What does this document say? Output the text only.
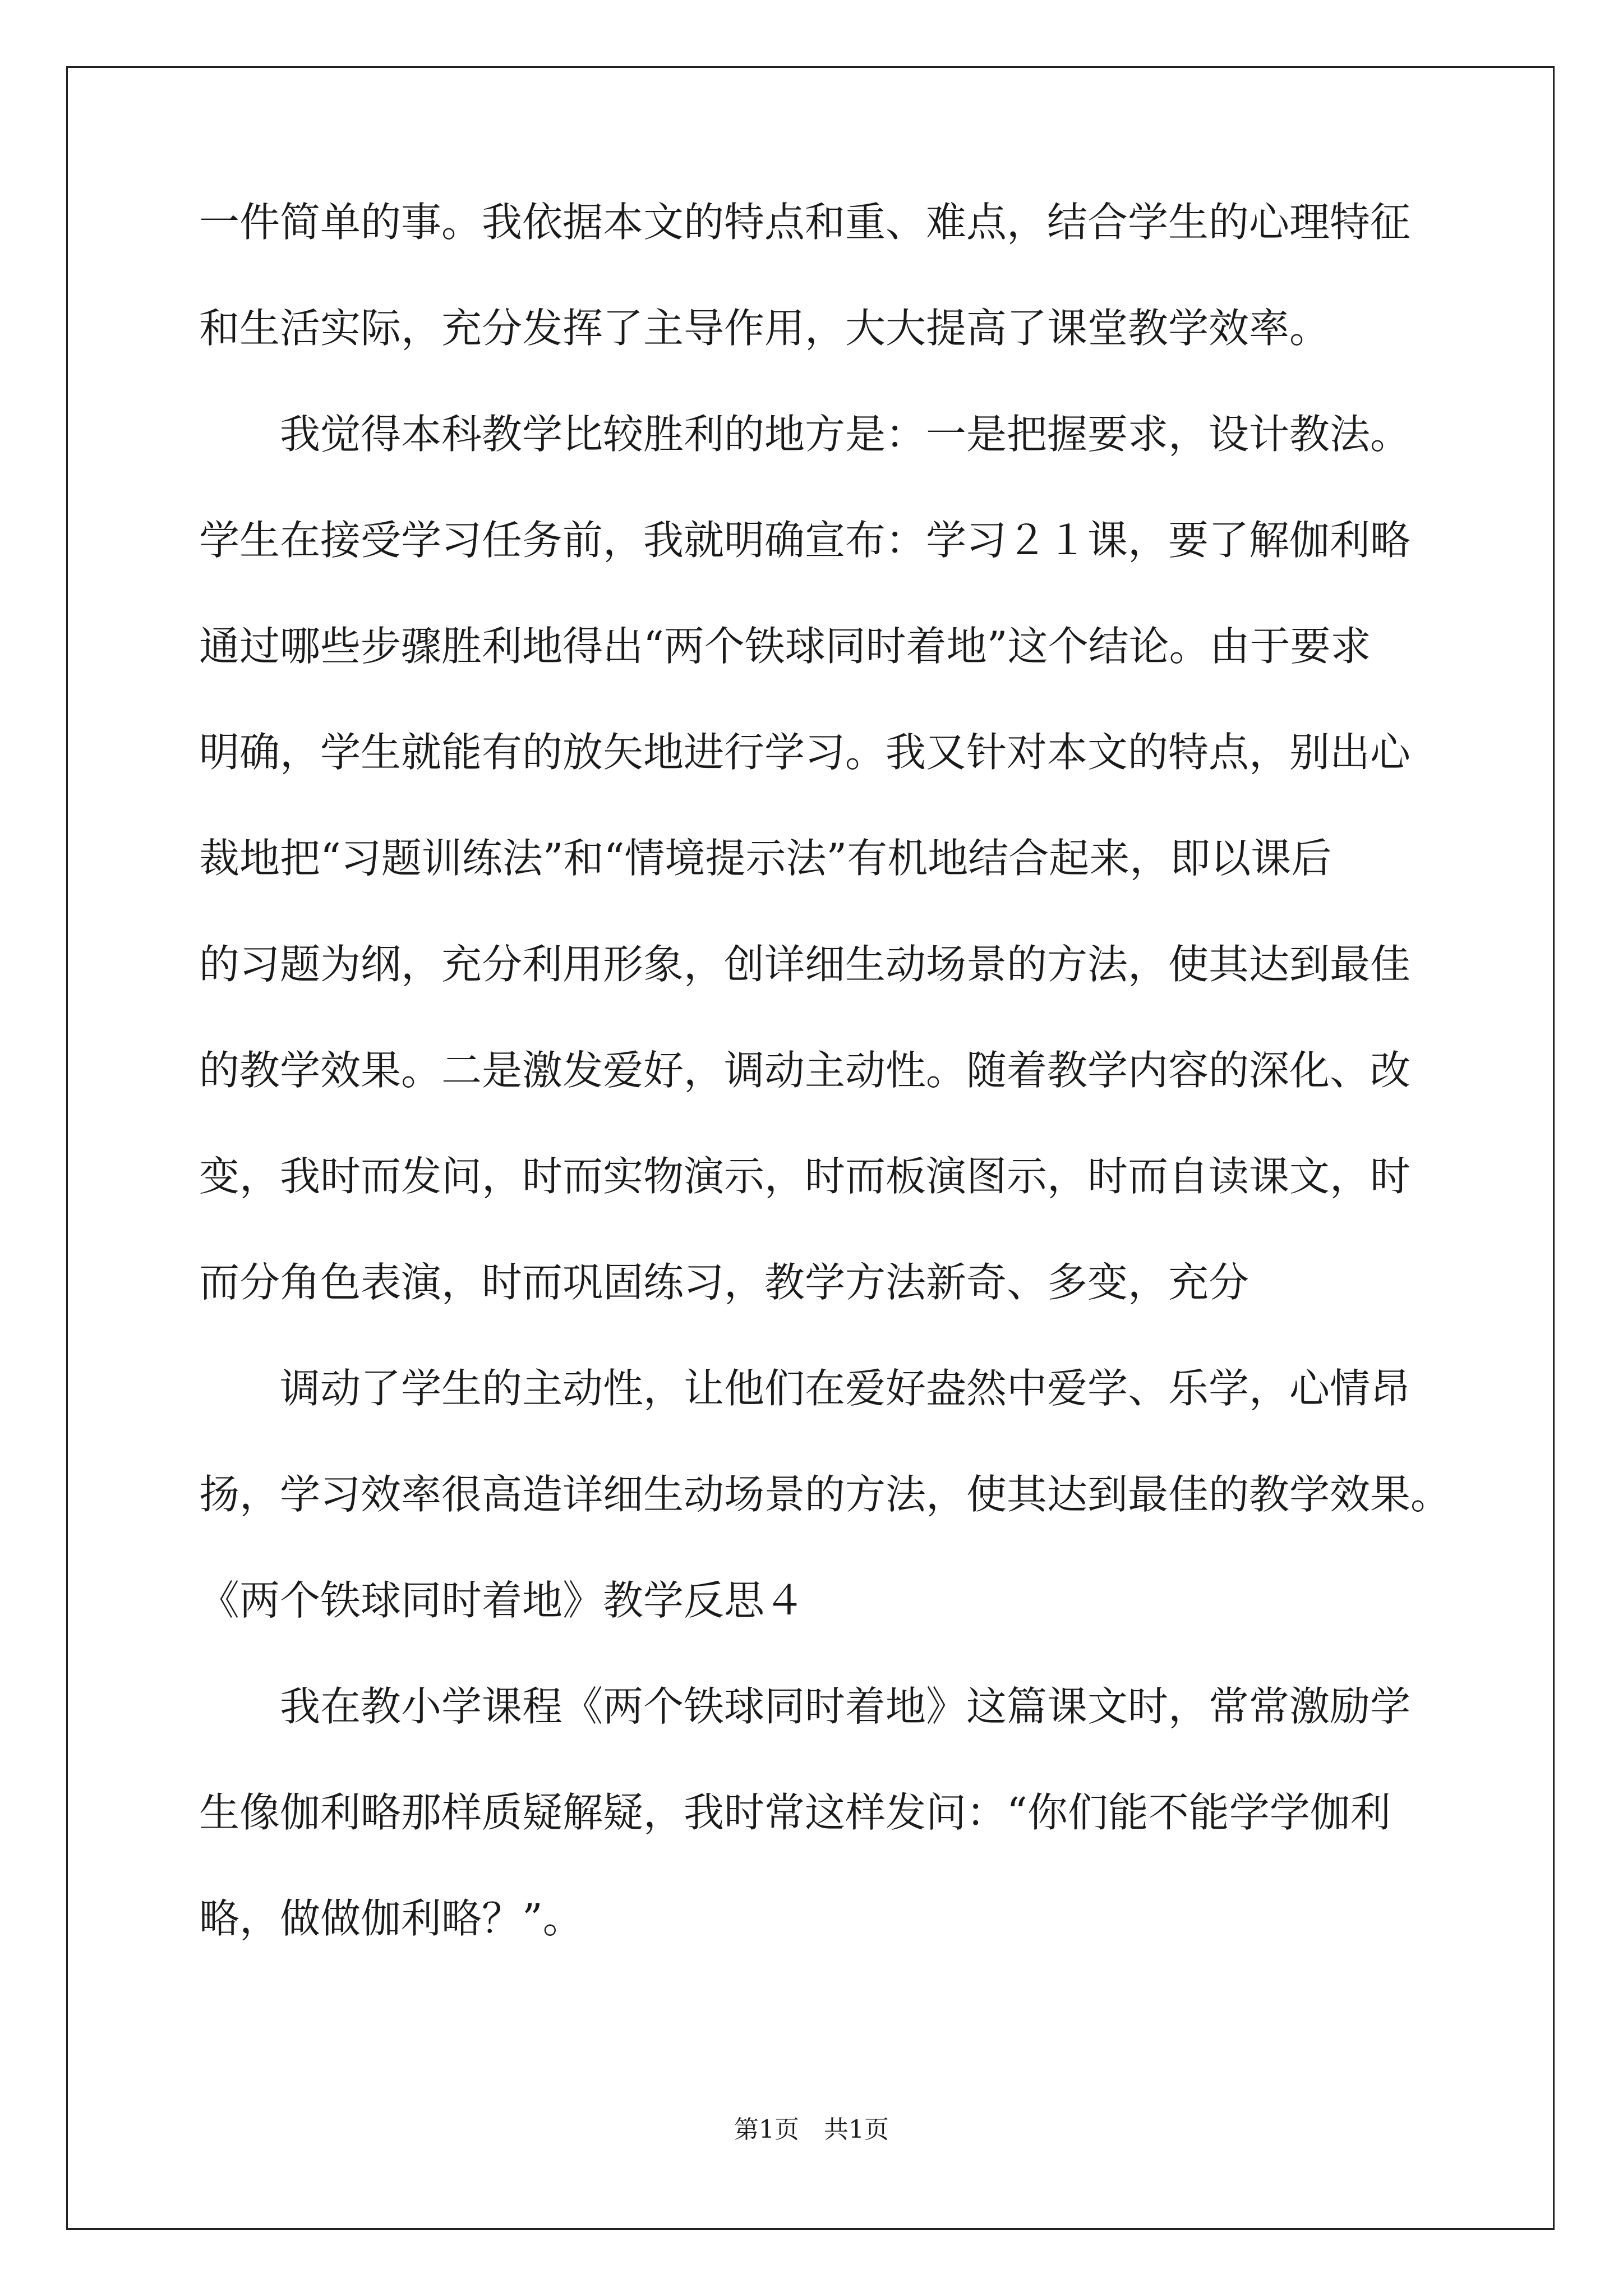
一件简单的事。我依据本文的特点和重、难点，结合学生的心理特征
和生活实际，充分发挥了主导作用，大大提高了课堂教学效率。
我觉得本科教学比较胜利的地方是：一是把握要求，设计教法。
学生在接受学习任务前，我就明确宣布：学习２１课，要了解伽利略
通过哪些步骤胜利地得出“两个铁球同时着地”这个结论。由于要求
明确，学生就能有的放矢地进行学习。我又针对本文的特点，别出心
裁地把“习题训练法”和“情境提示法”有机地结合起来，即以课后
的习题为纲，充分利用形象，创详细生动场景的方法，使其达到最佳
的教学效果。二是激发爱好，调动主动性。随着教学内容的深化、改
变，我时而发问，时而实物演示，时而板演图示，时而自读课文，时
而分角色表演，时而巩固练习，教学方法新奇、多变，充分
调动了学生的主动性，让他们在爱好盎然中爱学、乐学，心情昂
扬，学习效率很高造详细生动场景的方法，使其达到最佳的教学效果。
《两个铁球同时着地》教学反思４
我在教小学课程《两个铁球同时着地》这篇课文时，常常激励学
生像伽利略那样质疑解疑，我时常这样发问：“你们能不能学学伽利
略，做做伽利略？”。
第1页　共1页
